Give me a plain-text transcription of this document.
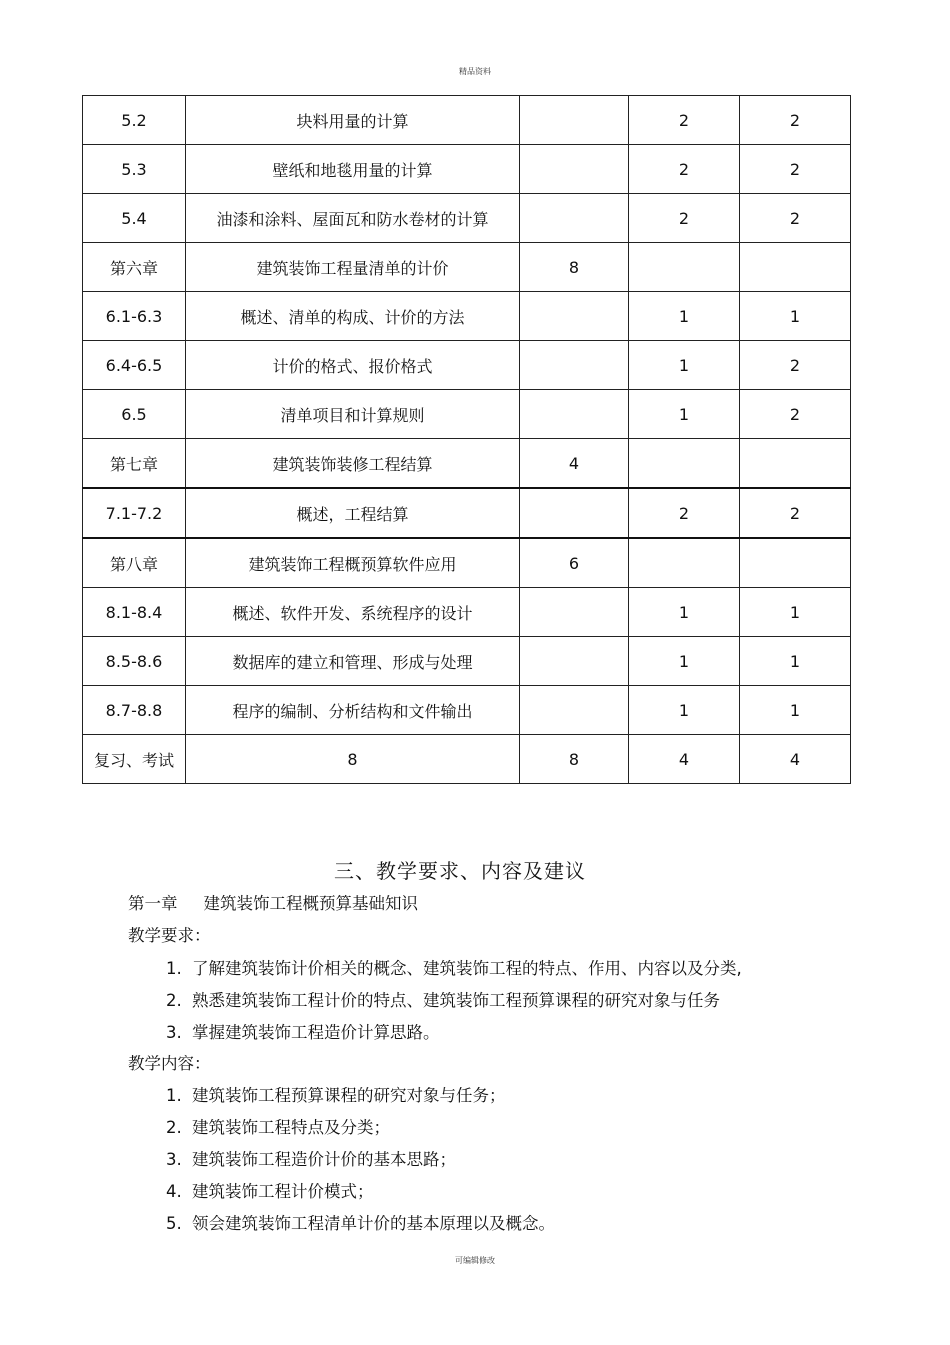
精品资料
5.2	块料用量的计算		2	2
5.3	壁纸和地毯用量的计算		2	2
5.4	油漆和涂料、屋面瓦和防水卷材的计算		2	2
第六章	建筑装饰工程量清单的计价	8		
6.1-6.3	概述、清单的构成、计价的方法		1	1
6.4-6.5	计价的格式、报价格式		1	2
6.5	清单项目和计算规则		1	2
第七章	建筑装饰装修工程结算	4		
7.1-7.2	概述，工程结算		2	2
第八章	建筑装饰工程概预算软件应用	6		
8.1-8.4	概述、软件开发、系统程序的设计		1	1
8.5-8.6	数据库的建立和管理、形成与处理		1	1
8.7-8.8	程序的编制、分析结构和文件输出		1	1
复习、考试	8	8	4	4
三、教学要求、内容及建议
第一章 建筑装饰工程概预算基础知识
教学要求：
1. 了解建筑装饰计价相关的概念、建筑装饰工程的特点、作用、内容以及分类,
2. 熟悉建筑装饰工程计价的特点、建筑装饰工程预算课程的研究对象与任务
3. 掌握建筑装饰工程造价计算思路。
教学内容：
1. 建筑装饰工程预算课程的研究对象与任务；
2. 建筑装饰工程特点及分类；
3. 建筑装饰工程造价计价的基本思路；
4. 建筑装饰工程计价模式；
5. 领会建筑装饰工程清单计价的基本原理以及概念。
可编辑修改
